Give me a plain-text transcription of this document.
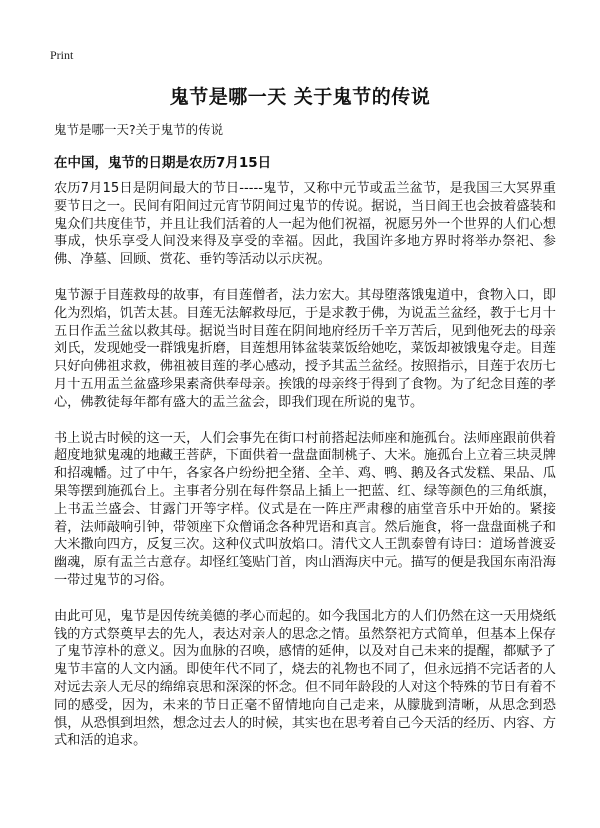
Print
鬼节是哪一天 关于鬼节的传说
鬼节是哪一天?关于鬼节的传说
在中国，鬼节的日期是农历7月15日

农历7月15日是阴间最大的节日-----鬼节，又称中元节或盂兰盆节，是我国三大冥界重要节日之一。民间有阳间过元宵节阴间过鬼节的传说。据说，当日阎王也会披着盛装和鬼众们共度佳节，并且让我们活着的人一起为他们祝福，祝愿另外一个世界的人们心想事成，快乐享受人间没来得及享受的幸福。因此，我国许多地方界时将举办祭祀、参佛、净墓、回顾、赏花、垂钓等活动以示庆祝。

鬼节源于目莲救母的故事，有目莲僧者，法力宏大。其母堕落饿鬼道中，食物入口，即化为烈焰，饥苦太甚。目莲无法解救母厄，于是求教于佛，为说盂兰盆经，教于七月十五日作盂兰盆以救其母。据说当时目莲在阴间地府经历千辛万苦后，见到他死去的母亲刘氏，发现她受一群饿鬼折磨，目莲想用钵盆装菜饭给她吃，菜饭却被饿鬼夺走。目莲只好向佛祖求救，佛祖被目莲的孝心感动，授予其盂兰盆经。按照指示，目莲于农历七月十五用盂兰盆盛珍果素斋供奉母亲。挨饿的母亲终于得到了食物。为了纪念目莲的孝心，佛教徒每年都有盛大的盂兰盆会，即我们现在所说的鬼节。

书上说古时候的这一天，人们会事先在街口村前搭起法师座和施孤台。法师座跟前供着超度地狱鬼魂的地藏王菩萨，下面供着一盘盘面制桃子、大米。施孤台上立着三块灵牌和招魂幡。过了中午，各家各户纷纷把全猪、全羊、鸡、鸭、鹅及各式发糕、果品、瓜果等摆到施孤台上。主事者分别在每件祭品上插上一把蓝、红、绿等颜色的三角纸旗，上书盂兰盛会、甘露门开等字样。仪式是在一阵庄严肃穆的庙堂音乐中开始的。紧接着，法师敲响引钟，带领座下众僧诵念各种咒语和真言。然后施食，将一盘盘面桃子和大米撒向四方，反复三次。这种仪式叫放焰口。清代文人王凯泰曾有诗曰：道场普渡妥幽魂，原有盂兰古意存。却怪红笺贴门首，肉山酒海庆中元。描写的便是我国东南沿海一带过鬼节的习俗。

由此可见，鬼节是因传统美德的孝心而起的。如今我国北方的人们仍然在这一天用烧纸钱的方式祭奠早去的先人，表达对亲人的思念之情。虽然祭祀方式简单，但基本上保存了鬼节淳朴的意义。因为血脉的召唤，感情的延伸，以及对自己未来的提醒，都赋予了鬼节丰富的人文内涵。即使年代不同了，烧去的礼物也不同了，但永远捎不完话者的人对远去亲人无尽的绵绵哀思和深深的怀念。但不同年龄段的人对这个特殊的节日有着不同的感受，因为，未来的节日正毫不留情地向自己走来，从朦胧到清晰，从思念到恐惧，从恐惧到坦然，想念过去人的时候，其实也在思考着自己今天活的经历、内容、方式和活的追求。
